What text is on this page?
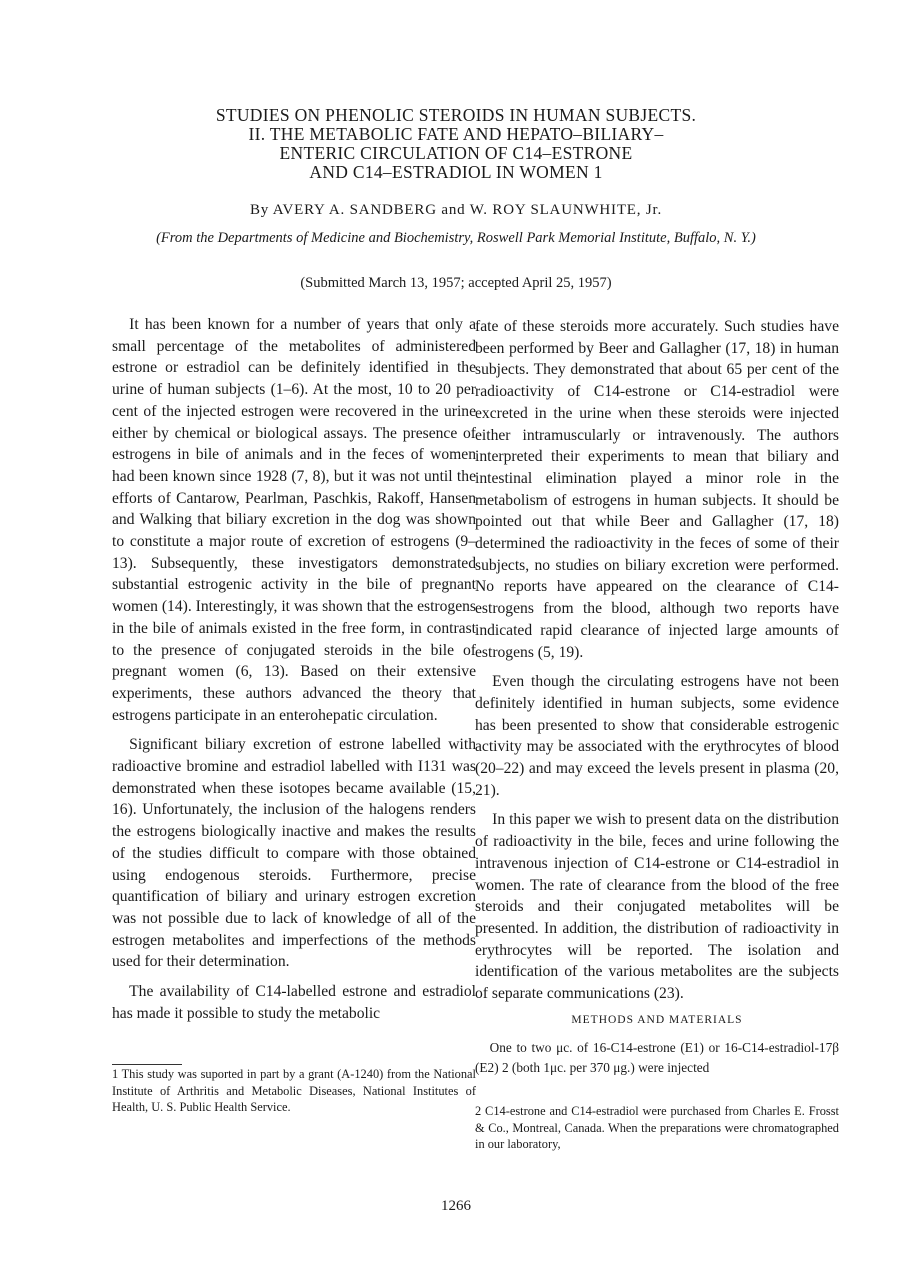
STUDIES ON PHENOLIC STEROIDS IN HUMAN SUBJECTS.
II. THE METABOLIC FATE AND HEPATO–BILIARY–
ENTERIC CIRCULATION OF C14–ESTRONE
AND C14–ESTRADIOL IN WOMEN 1
By AVERY A. SANDBERG and W. ROY SLAUNWHITE, Jr.
(From the Departments of Medicine and Biochemistry, Roswell Park Memorial Institute, Buffalo, N. Y.)
(Submitted March 13, 1957; accepted April 25, 1957)

It has been known for a number of years that only a small percentage of the metabolites of administered estrone or estradiol can be definitely identified in the urine of human subjects (1–6). At the most, 10 to 20 per cent of the injected estrogen were recovered in the urine either by chemical or biological assays. The presence of estrogens in bile of animals and in the feces of women had been known since 1928 (7, 8), but it was not until the efforts of Cantarow, Pearlman, Paschkis, Rakoff, Hansen and Walking that biliary excretion in the dog was shown to constitute a major route of excretion of estrogens (9–13). Subsequently, these investigators demonstrated substantial estrogenic activity in the bile of pregnant women (14). Interestingly, it was shown that the estrogens in the bile of animals existed in the free form, in contrast to the presence of conjugated steroids in the bile of pregnant women (6, 13). Based on their extensive experiments, these authors advanced the theory that estrogens participate in an enterohepatic circulation.

Significant biliary excretion of estrone labelled with radioactive bromine and estradiol labelled with I131 was demonstrated when these isotopes became available (15, 16). Unfortunately, the inclusion of the halogens renders the estrogens biologically inactive and makes the results of the studies difficult to compare with those obtained using endogenous steroids. Furthermore, precise quantification of biliary and urinary estrogen excretion was not possible due to lack of knowledge of all of the estrogen metabolites and imperfections of the methods used for their determination.

The availability of C14-labelled estrone and estradiol has made it possible to study the metabolic

fate of these steroids more accurately. Such studies have been performed by Beer and Gallagher (17, 18) in human subjects. They demonstrated that about 65 per cent of the radioactivity of C14-estrone or C14-estradiol were excreted in the urine when these steroids were injected either intramuscularly or intravenously. The authors interpreted their experiments to mean that biliary and intestinal elimination played a minor role in the metabolism of estrogens in human subjects. It should be pointed out that while Beer and Gallagher (17, 18) determined the radioactivity in the feces of some of their subjects, no studies on biliary excretion were performed. No reports have appeared on the clearance of C14-estrogens from the blood, although two reports have indicated rapid clearance of injected large amounts of estrogens (5, 19).

Even though the circulating estrogens have not been definitely identified in human subjects, some evidence has been presented to show that considerable estrogenic activity may be associated with the erythrocytes of blood (20–22) and may exceed the levels present in plasma (20, 21).

In this paper we wish to present data on the distribution of radioactivity in the bile, feces and urine following the intravenous injection of C14-estrone or C14-estradiol in women. The rate of clearance from the blood of the free steroids and their conjugated metabolites will be presented. In addition, the distribution of radioactivity in erythrocytes will be reported. The isolation and identification of the various metabolites are the subjects of separate communications (23).

METHODS AND MATERIALS
One to two μc. of 16-C14-estrone (E1) or 16-C14-estradiol-17β (E2) 2 (both 1μc. per 370 μg.) were injected
1 This study was suported in part by a grant (A-1240) from the National Institute of Arthritis and Metabolic Diseases, National Institutes of Health, U. S. Public Health Service.	2 C14-estrone and C14-estradiol were purchased from Charles E. Frosst & Co., Montreal, Canada. When the preparations were chromatographed in our laboratory,
1266
